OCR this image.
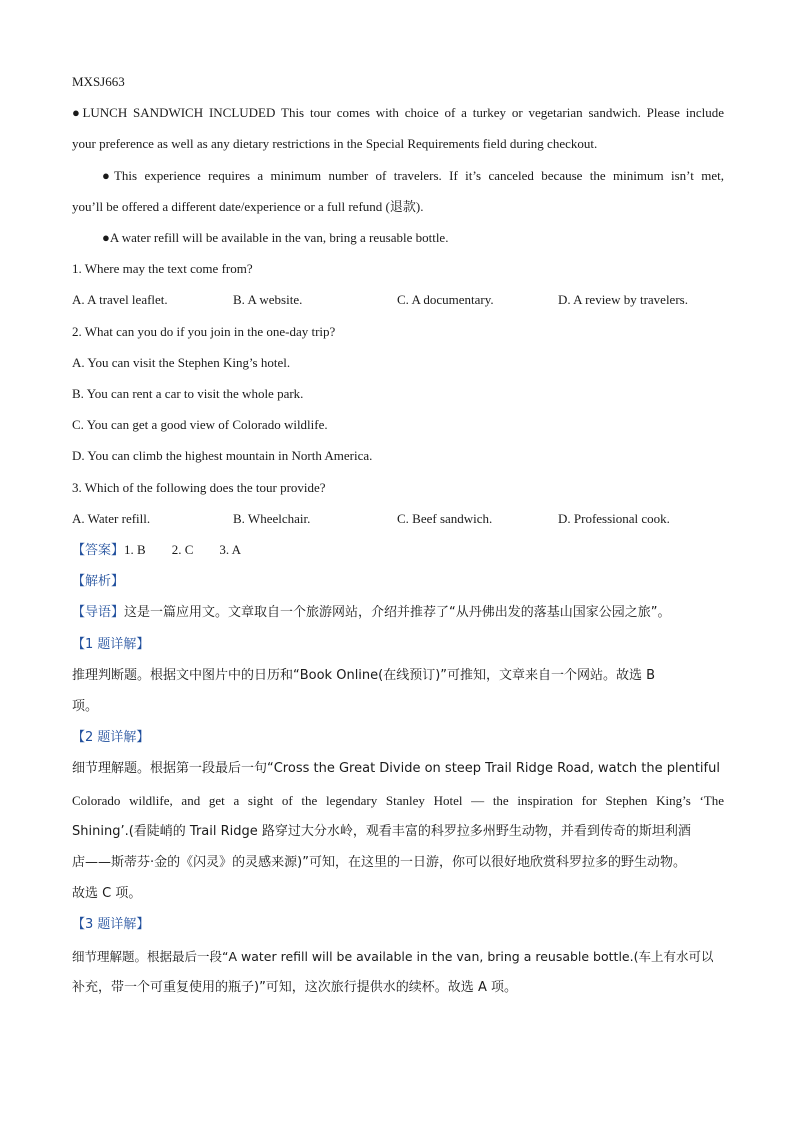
MXSJ663
●LUNCH SANDWICH INCLUDED This tour comes with choice of a turkey or vegetarian sandwich. Please include
your preference as well as any dietary restrictions in the Special Requirements field during checkout.
●This experience requires a minimum number of travelers. If it’s canceled because the minimum isn’t met,
you’ll be offered a different date/experience or a full refund (退款).
●A water refill will be available in the van, bring a reusable bottle.
1. Where may the text come from?
A. A travel leaflet.	B. A website.	C. A documentary.	D. A review by travelers.
2. What can you do if you join in the one-day trip?
A. You can visit the Stephen King’s hotel.
B. You can rent a car to visit the whole park.
C. You can get a good view of Colorado wildlife.
D. You can climb the highest mountain in North America.
3. Which of the following does the tour provide?
A. Water refill.	B. Wheelchair.	C. Beef sandwich.	D. Professional cook.
【答案】1. B 2. C 3. A
【解析】
【导语】这是一篇应用文。文章取自一个旅游网站，介绍并推荐了“从丹佛出发的落基山国家公园之旅”。
【1 题详解】
推理判断题。根据文中图片中的日历和“Book Online(在线预订)”可推知，文章来自一个网站。故选 B
项。
【2 题详解】
细节理解题。根据第一段最后一句“Cross the Great Divide on steep Trail Ridge Road, watch the plentiful
Colorado wildlife, and get a sight of the legendary Stanley Hotel — the inspiration for Stephen King’s ‘The
Shining’.(看陡峭的 Trail Ridge 路穿过大分水岭，观看丰富的科罗拉多州野生动物，并看到传奇的斯坦利酒
店——斯蒂芬·金的《闪灵》的灵感来源)”可知，在这里的一日游，你可以很好地欣赏科罗拉多的野生动物。
故选 C 项。
【3 题详解】
细节理解题。根据最后一段“A water refill will be available in the van, bring a reusable bottle.(车上有水可以
补充，带一个可重复使用的瓶子)”可知，这次旅行提供水的续杯。故选 A 项。
